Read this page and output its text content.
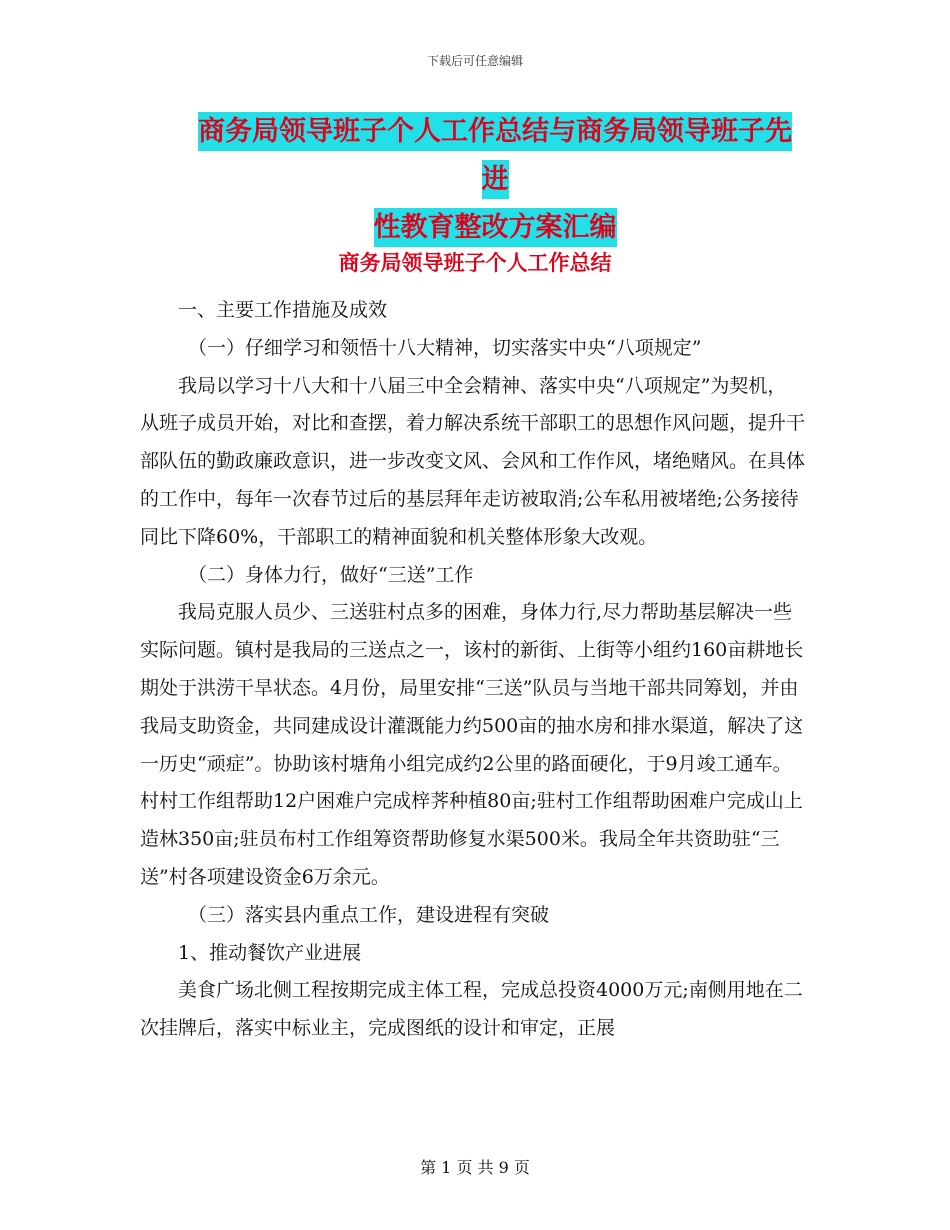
下载后可任意编辑
商务局领导班子个人工作总结与商务局领导班子先进
性教育整改方案汇编
商务局领导班子个人工作总结

一、主要工作措施及成效

（一）仔细学习和领悟十八大精神，切实落实中央“八项规定”

我局以学习十八大和十八届三中全会精神、落实中央“八项规定”为契机，从班子成员开始，对比和查摆，着力解决系统干部职工的思想作风问题，提升干部队伍的勤政廉政意识，进一步改变文风、会风和工作作风，堵绝赌风。在具体的工作中，每年一次春节过后的基层拜年走访被取消;公车私用被堵绝;公务接待同比下降60%，干部职工的精神面貌和机关整体形象大改观。

（二）身体力行，做好“三送”工作

我局克服人员少、三送驻村点多的困难，身体力行,尽力帮助基层解决一些实际问题。镇村是我局的三送点之一，该村的新街、上街等小组约160亩耕地长期处于洪涝干旱状态。4月份，局里安排“三送”队员与当地干部共同筹划，并由我局支助资金，共同建成设计灌溉能力约500亩的抽水房和排水渠道，解决了这一历史“顽症”。协助该村塘角小组完成约2公里的路面硬化，于9月竣工通车。村村工作组帮助12户困难户完成梓荠种植80亩;驻村工作组帮助困难户完成山上造林350亩;驻员布村工作组筹资帮助修复水渠500米。我局全年共资助驻“三送”村各项建设资金6万余元。

（三）落实县内重点工作，建设进程有突破

1、推动餐饮产业进展

美食广场北侧工程按期完成主体工程，完成总投资4000万元;南侧用地在二次挂牌后，落实中标业主，完成图纸的设计和审定，正展

第 1 页 共 9 页
